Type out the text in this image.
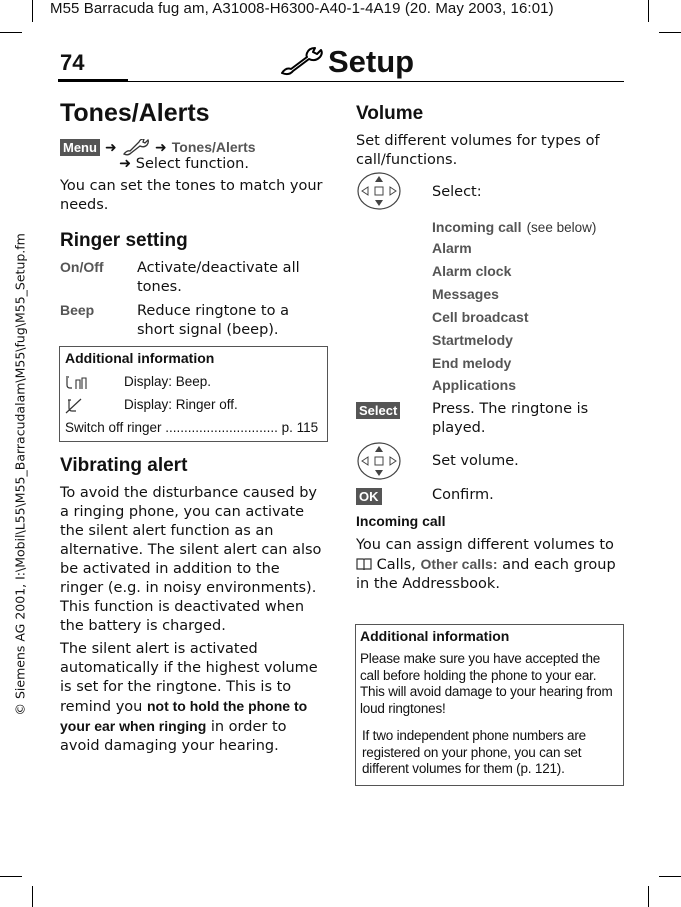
M55 Barracuda fug am, A31008-H6300-A40-1-4A19 (20. May 2003, 16:01)
© Siemens AG 2001, I:\Mobil\L55\M55_Barracudalam\M55\fug\M55_Setup.fm
74	Setup
Tones/Alerts
Menu ➜	➜ Tones/Alerts
➜ Select function.
You can set the tones to match your needs.
Ringer setting
On/Off Activate/deactivate all tones.
Beep	Reduce ringtone to a short signal (beep).
Additional information
Display: Beep.
Display: Ringer off.
Switch off ringer .............................. p. 115
Vibrating alert
To avoid the disturbance caused by a ringing phone, you can activate the silent alert function as an alternative. The silent alert can also be activated in addition to the ringer (e.g. in noisy environments). This function is deactivated when the battery is charged.
The silent alert is activated automatically if the highest volume is set for the ringtone. This is to remind you not to hold the phone to your ear when ringing in order to avoid damaging your hearing.
Volume
Set different volumes for types of call/functions.
Select:
Incoming call (see below)
Alarm
Alarm clock
Messages
Cell broadcast
Startmelody
End melody
Applications
Select Press. The ringtone is played.
Set volume.
OK	Confirm.
Incoming call
You can assign different volumes to  Calls, Other calls: and each group in the Addressbook.
Additional information
Please make sure you have accepted the call before holding the phone to your ear. This will avoid damage to your hearing from loud ringtones!
If two independent phone numbers are registered on your phone, you can set different volumes for them (p. 121).
